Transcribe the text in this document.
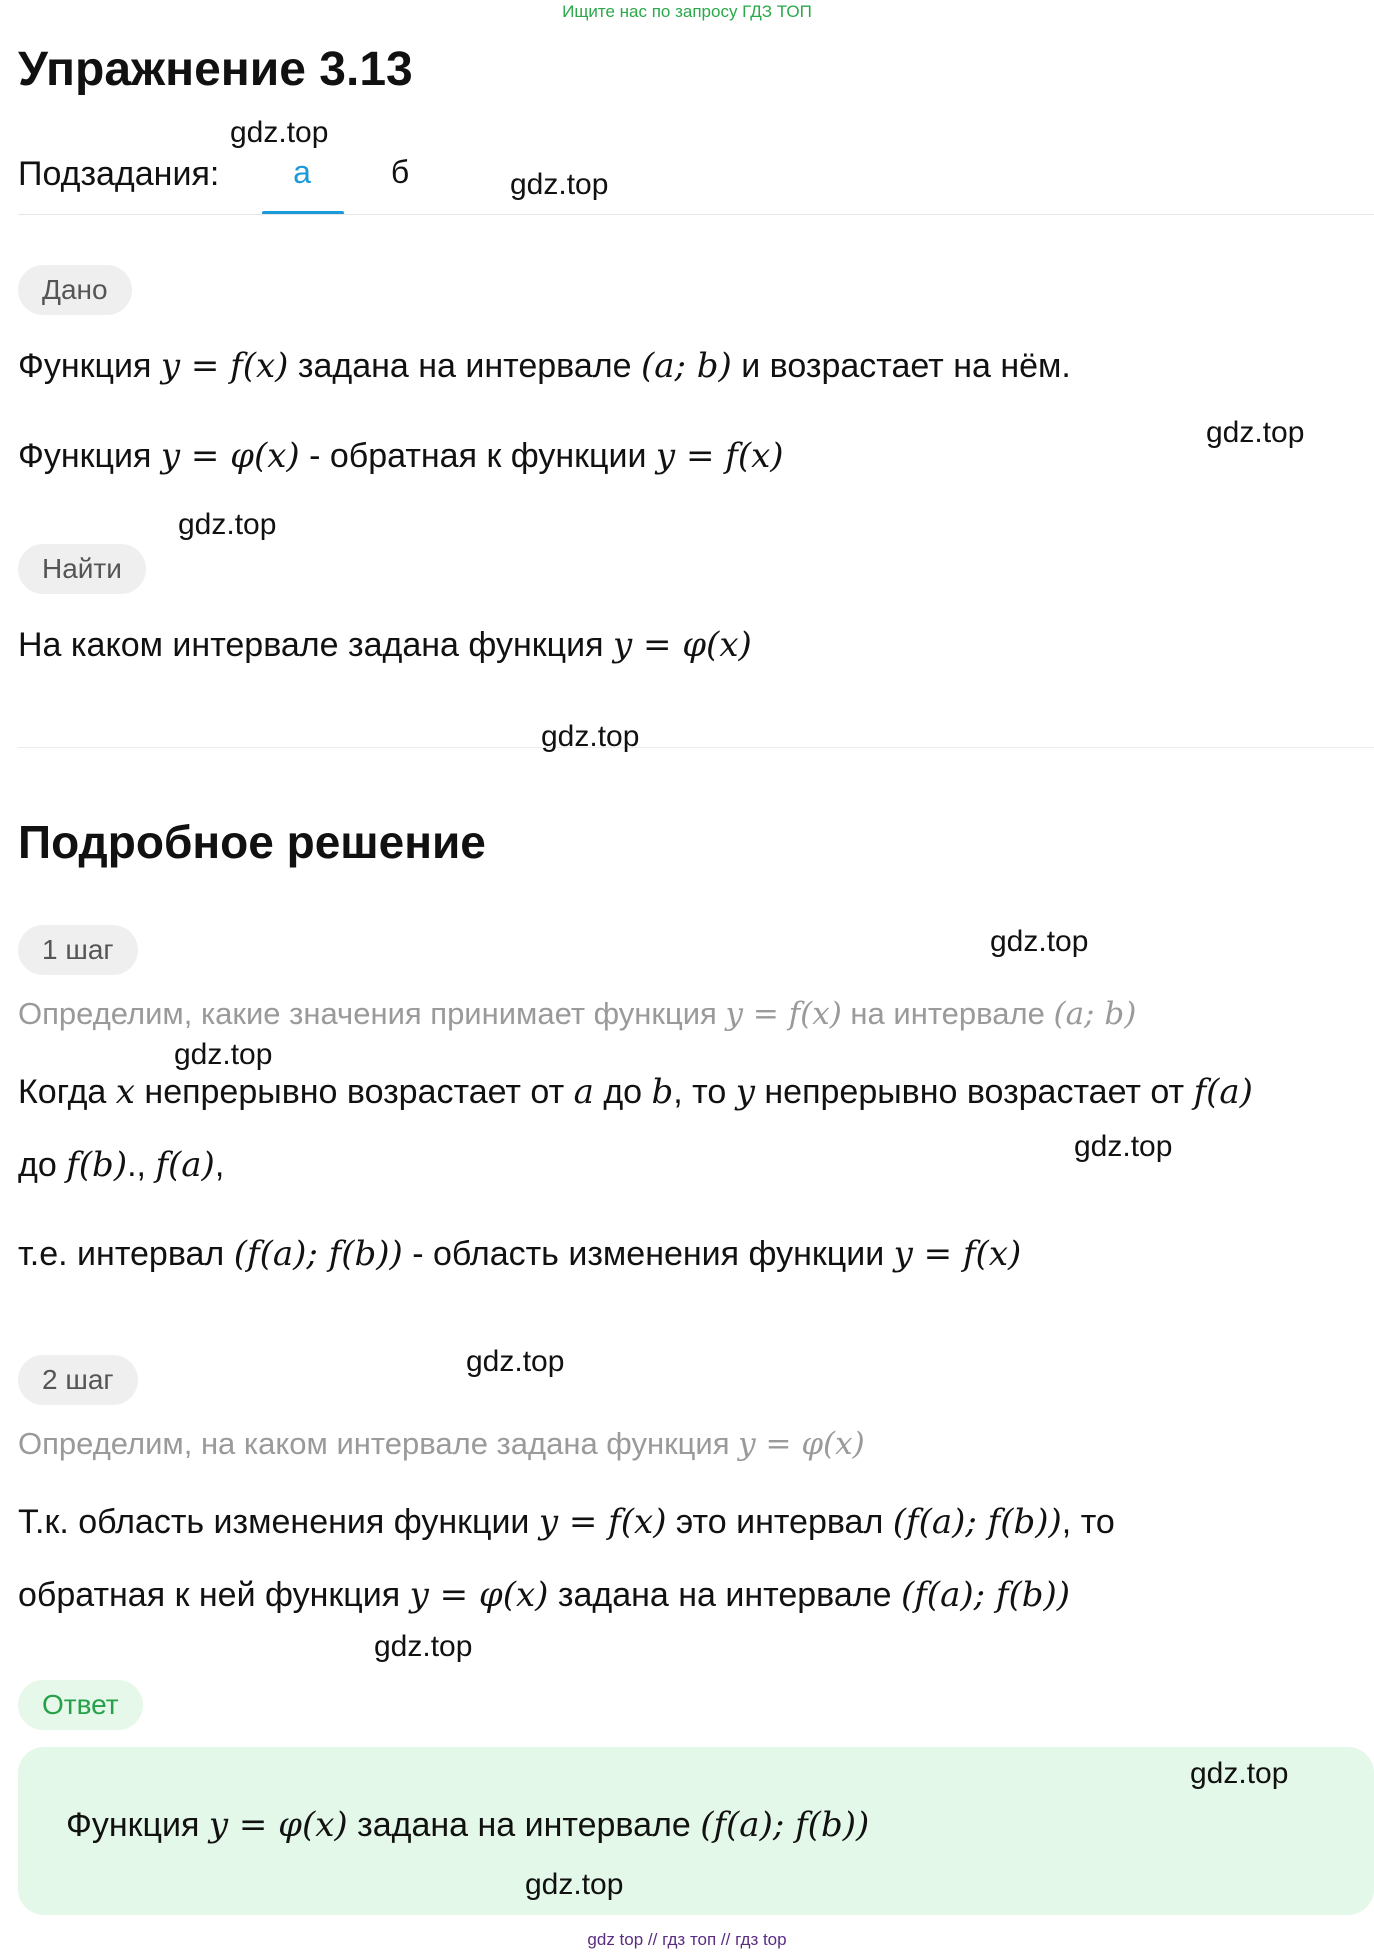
Ищите нас по запросу ГДЗ ТОП
Упражнение 3.13
Подзадания:	а	б
Дано
Функция y = f(x) задана на интервале (a; b) и возрастает на нём.
Функция y = φ(x) - обратная к функции y = f(x)
Найти
На каком интервале задана функция y = φ(x)
Подробное решение
1 шаг
Определим, какие значения принимает функция y = f(x) на интервале (a; b)
Когда x непрерывно возрастает от a до b, то y непрерывно возрастает от f(a)
до f(b)., f(a),
т.е. интервал (f(a); f(b)) - область изменения функции y = f(x)
2 шаг
Определим, на каком интервале задана функция y = φ(x)
Т.к. область изменения функции y = f(x) это интервал (f(a); f(b)), то
обратная к ней функция y = φ(x) задана на интервале (f(a); f(b))
Ответ
Функция y = φ(x) задана на интервале (f(a); f(b))
gdz.top
gdz.top
gdz.top
gdz.top
gdz.top
gdz.top
gdz.top
gdz.top
gdz.top
gdz.top
gdz.top
gdz.top
gdz top // гдз топ // гдз top
